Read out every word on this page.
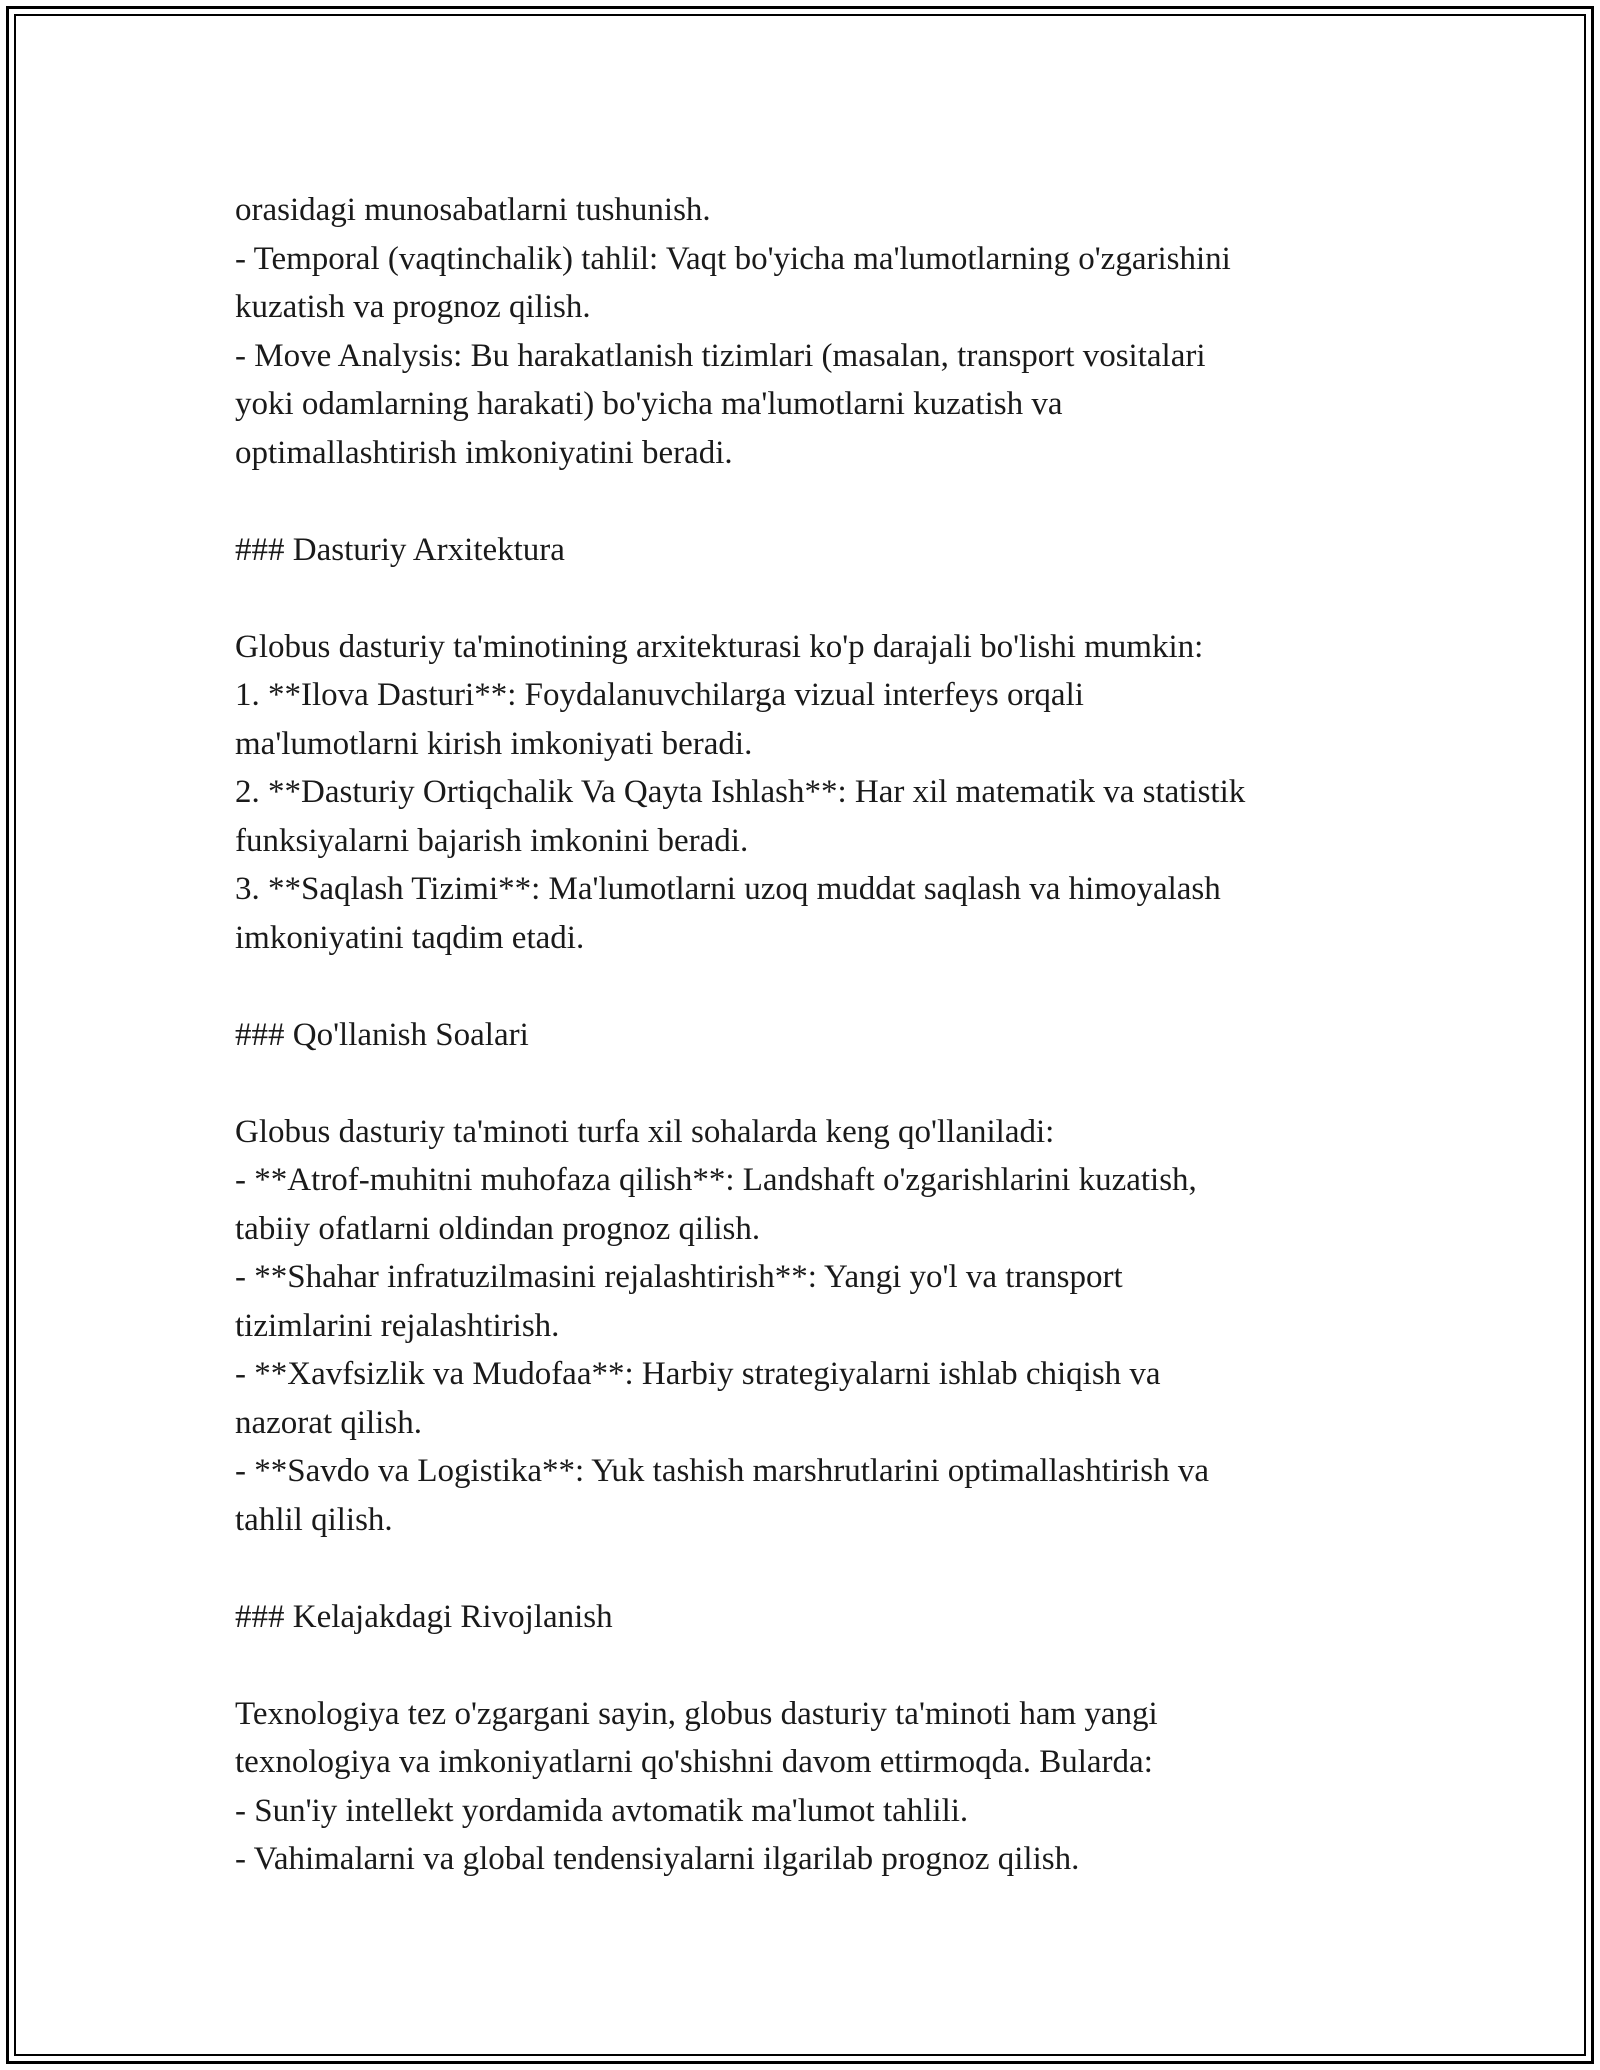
orasidagi munosabatlarni tushunish.
- Temporal (vaqtinchalik) tahlil: Vaqt bo'yicha ma'lumotlarning o'zgarishini
kuzatish va prognoz qilish.
- Move Analysis: Bu harakatlanish tizimlari (masalan, transport vositalari
yoki odamlarning harakati) bo'yicha ma'lumotlarni kuzatish va
optimallashtirish imkoniyatini beradi.
### Dasturiy Arxitektura
Globus dasturiy ta'minotining arxitekturasi ko'p darajali bo'lishi mumkin:
1. **Ilova Dasturi**: Foydalanuvchilarga vizual interfeys orqali
ma'lumotlarni kirish imkoniyati beradi.
2. **Dasturiy Ortiqchalik Va Qayta Ishlash**: Har xil matematik va statistik
funksiyalarni bajarish imkonini beradi.
3. **Saqlash Tizimi**: Ma'lumotlarni uzoq muddat saqlash va himoyalash
imkoniyatini taqdim etadi.
### Qo'llanish Soalari
Globus dasturiy ta'minoti turfa xil sohalarda keng qo'llaniladi:
- **Atrof-muhitni muhofaza qilish**: Landshaft o'zgarishlarini kuzatish,
tabiiy ofatlarni oldindan prognoz qilish.
- **Shahar infratuzilmasini rejalashtirish**: Yangi yo'l va transport
tizimlarini rejalashtirish.
- **Xavfsizlik va Mudofaa**: Harbiy strategiyalarni ishlab chiqish va
nazorat qilish.
- **Savdo va Logistika**: Yuk tashish marshrutlarini optimallashtirish va
tahlil qilish.
### Kelajakdagi Rivojlanish
Texnologiya tez o'zgargani sayin, globus dasturiy ta'minoti ham yangi
texnologiya va imkoniyatlarni qo'shishni davom ettirmoqda. Bularda:
- Sun'iy intellekt yordamida avtomatik ma'lumot tahlili.
- Vahimalarni va global tendensiyalarni ilgarilab prognoz qilish.
